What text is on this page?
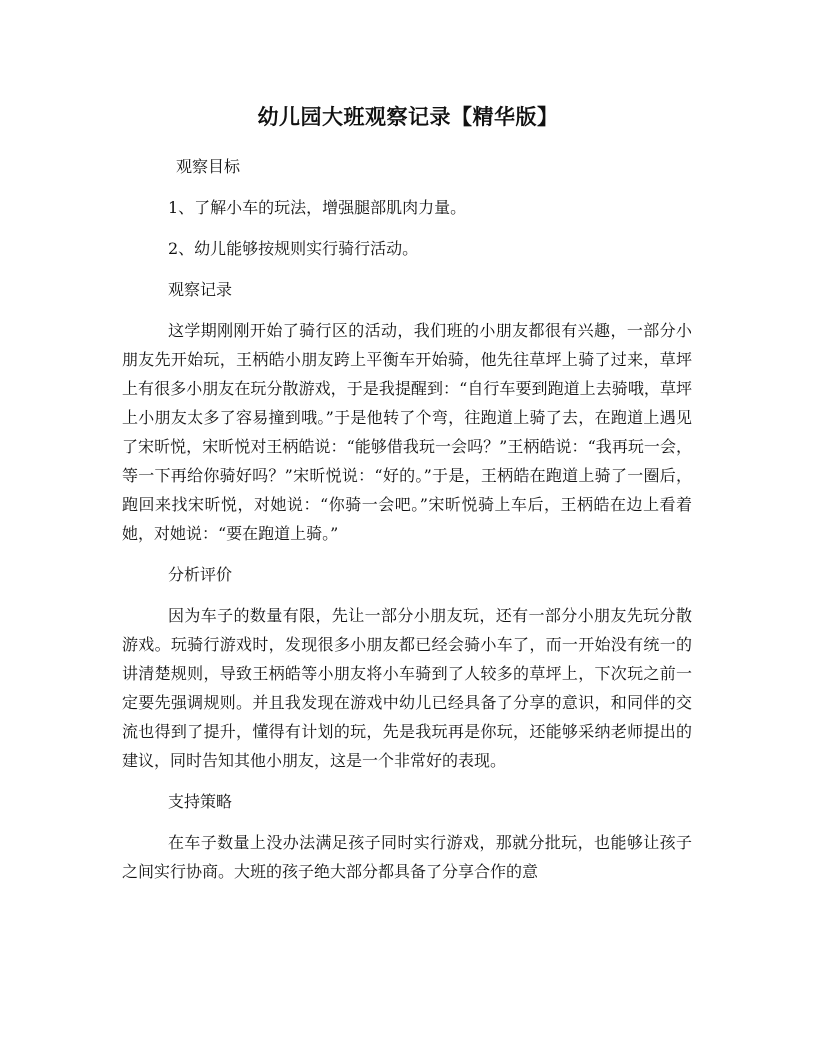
幼儿园大班观察记录【精华版】

观察目标

1、了解小车的玩法，增强腿部肌肉力量。

2、幼儿能够按规则实行骑行活动。

观察记录

这学期刚刚开始了骑行区的活动，我们班的小朋友都很有兴趣，一部分小朋友先开始玩，王柄皓小朋友跨上平衡车开始骑，他先往草坪上骑了过来，草坪上有很多小朋友在玩分散游戏，于是我提醒到：“自行车要到跑道上去骑哦，草坪上小朋友太多了容易撞到哦。”于是他转了个弯，往跑道上骑了去，在跑道上遇见了宋昕悦，宋昕悦对王柄皓说：“能够借我玩一会吗？”王柄皓说：“我再玩一会，等一下再给你骑好吗？”宋昕悦说：“好的。”于是，王柄皓在跑道上骑了一圈后，跑回来找宋昕悦，对她说：“你骑一会吧。”宋昕悦骑上车后，王柄皓在边上看着她，对她说：“要在跑道上骑。”

分析评价

因为车子的数量有限，先让一部分小朋友玩，还有一部分小朋友先玩分散游戏。玩骑行游戏时，发现很多小朋友都已经会骑小车了，而一开始没有统一的讲清楚规则，导致王柄皓等小朋友将小车骑到了人较多的草坪上，下次玩之前一定要先强调规则。并且我发现在游戏中幼儿已经具备了分享的意识，和同伴的交流也得到了提升，懂得有计划的玩，先是我玩再是你玩，还能够采纳老师提出的建议，同时告知其他小朋友，这是一个非常好的表现。

支持策略

在车子数量上没办法满足孩子同时实行游戏，那就分批玩，也能够让孩子之间实行协商。大班的孩子绝大部分都具备了分享合作的意
